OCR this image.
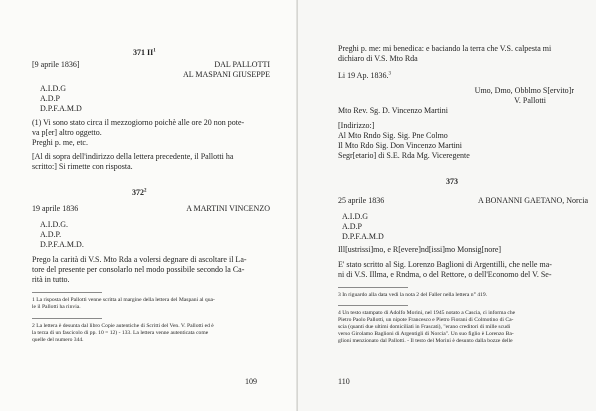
371 $II^1$
[9 aprile 1836]	DAL PALLOTTI
AL MASPANI GIUSEPPE
A.I.D.G
A.D.P
D.P.F.A.M.D
(1) Vi sono stato circa il mezzogiorno poichè alle ore 20 non pote-
va p[er] altro oggetto.
Preghi p. me, etc.
[Al di sopra dell'indirizzo della lettera precedente, il Pallotti ha
scritto:] Si rimette con risposta.
$372^2$
19 aprile 1836	A MARTINI VINCENZO
A.I.D.G.
A.D.P.
D.P.F.A.M.D.
Prego la carità di V.S. Mto Rda a volersi degnare di ascoltare il La-
tore del presente per consolarlo nel modo possibile secondo la Ca-
rità in tutto.
1 La risposta del Pallotti venne scritta al margine della lettera del Maspani al qua-
le il Pallotti ha rinvia.
2 La lettera è desunta dal libro Copie autentiche di Scritti del Ven. V. Pallotti ed è
la terza di un fascicolo di pp. 10 = 12) - 133. La lettera venne autenticata come
quelle del numero 344.
109
Preghi p. me: mi benedica: e baciando la terra che V.S. calpesta mi
dichiaro di V.S. Mto Rda
Li 19 Ap. 1836.$^3$
Umo, Dmo, Obblmo S[ervito]r
V. Pallotti
Mto Rev. Sg. D. Vincenzo Martini
[Indirizzo:]
Al Mto Rndo Sig. Sig. Pne Colmo
Il Mto Rdo Sig. Don Vincenzo Martini
Segr[etario] di S.E. Rda Mg. Viceregente
373
25 aprile 1836	A BONANNI GAETANO, Norcia
A.I.D.G
A.D.P
D.P.F.A.M.D
Ill[ustrissi]mo, e R[evere]nd[issi]mo Monsig[nore]
E' stato scritto al Sig. Lorenzo Baglioni di Argentilli, che nelle ma-
ni di V.S. Illma, e Rndma, o del Rettore, o dell'Economo del V. Se-
3 In riguardo alla data vedi la nota 2 del Faller nella lettera n° 419.
4 Un testo stampato di Adolfo Morini, nel 1945 notato a Cascia, ci informa che
Pietro Paolo Pallotti, un nipote Francesco e Pietro Fiorani di Colmotino di Ca-
scia (quanti due ultimi domiciliati in Frascati), "erano creditori di mille scudi
verso Girolamo Baglioni di Argentigli di Norcia". Un suo figlio è Lorenzo Ba-
glioni menzionato dal Pallotti. - Il testo del Morini è desunto dalla bozze delle
110
